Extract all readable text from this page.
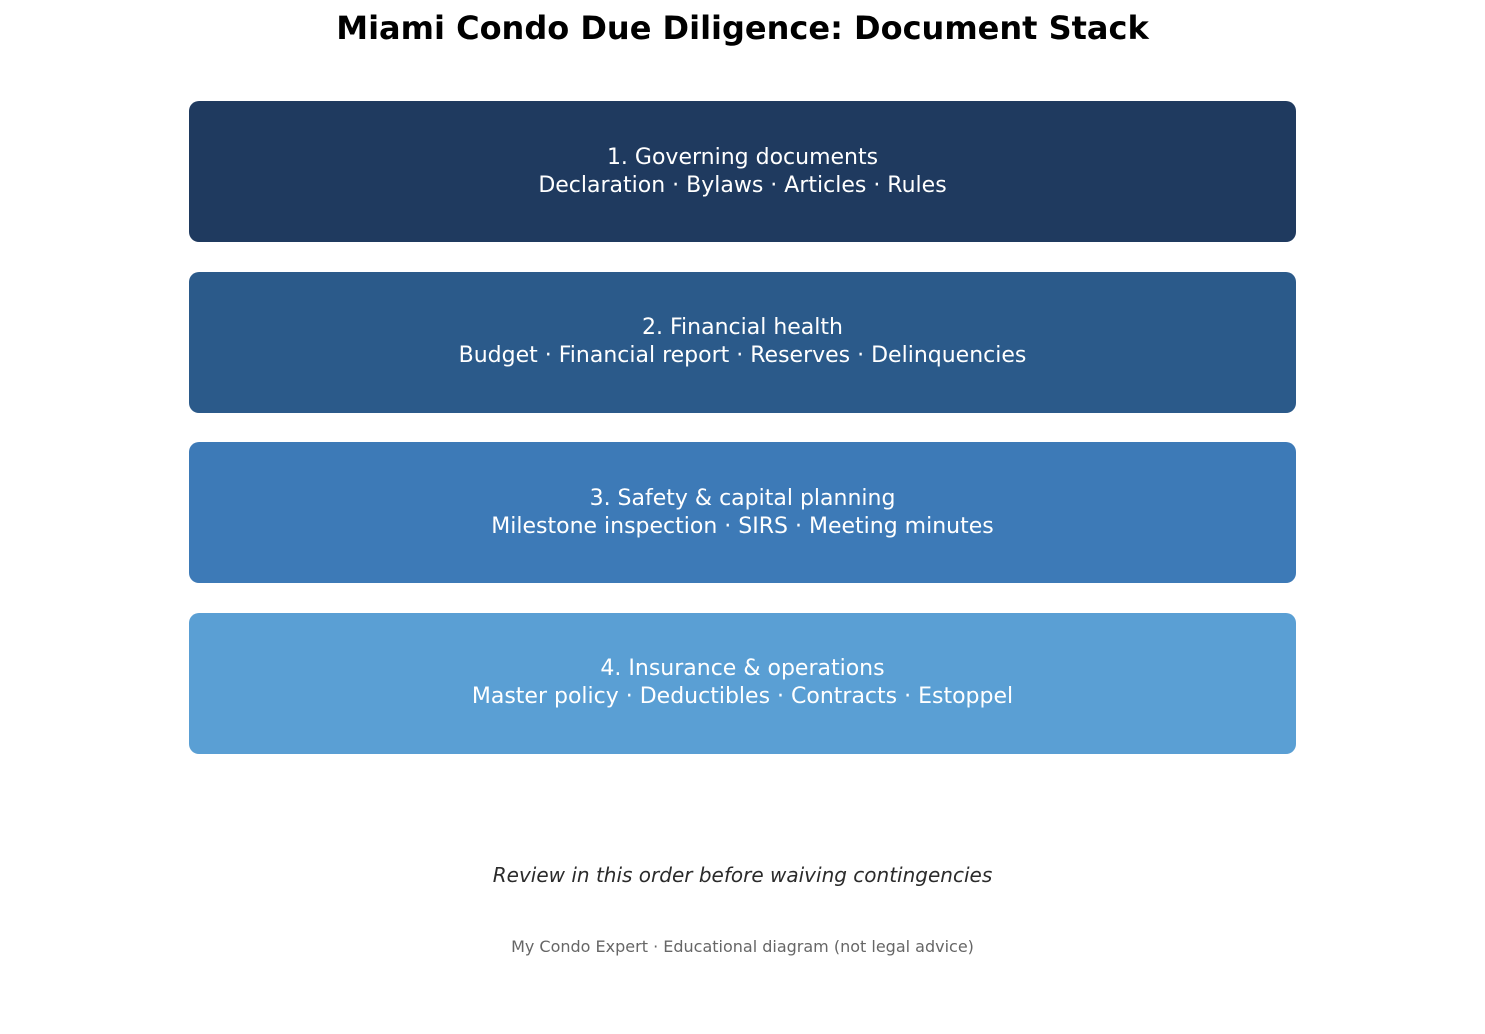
Miami Condo Due Diligence: Document Stack
1. Governing documents
Declaration · Bylaws · Articles · Rules
2. Financial health
Budget · Financial report · Reserves · Delinquencies
3. Safety & capital planning
Milestone inspection · SIRS · Meeting minutes
4. Insurance & operations
Master policy · Deductibles · Contracts · Estoppel
Review in this order before waiving contingencies
My Condo Expert · Educational diagram (not legal advice)
